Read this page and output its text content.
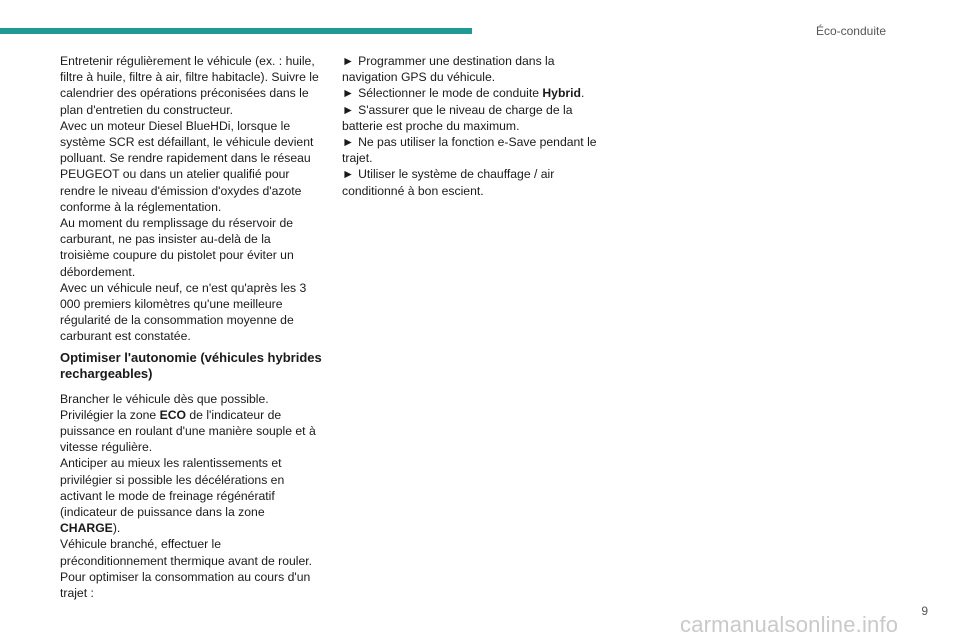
Éco-conduite

Entretenir régulièrement le véhicule (ex. : huile, filtre à huile, filtre à air, filtre habitacle). Suivre le calendrier des opérations préconisées dans le plan d'entretien du constructeur.

Avec un moteur Diesel BlueHDi, lorsque le système SCR est défaillant, le véhicule devient polluant. Se rendre rapidement dans le réseau PEUGEOT ou dans un atelier qualifié pour rendre le niveau d'émission d'oxydes d'azote conforme à la réglementation.

Au moment du remplissage du réservoir de carburant, ne pas insister au-delà de la troisième coupure du pistolet pour éviter un débordement.

Avec un véhicule neuf, ce n'est qu'après les 3 000 premiers kilomètres qu'une meilleure régularité de la consommation moyenne de carburant est constatée.

Optimiser l'autonomie (véhicules hybrides rechargeables)

Brancher le véhicule dès que possible.

Privilégier la zone ECO de l'indicateur de puissance en roulant d'une manière souple et à vitesse régulière.

Anticiper au mieux les ralentissements et privilégier si possible les décélérations en activant le mode de freinage régénératif (indicateur de puissance dans la zone CHARGE).

Véhicule branché, effectuer le préconditionnement thermique avant de rouler.

Pour optimiser la consommation au cours d'un trajet :

► Programmer une destination dans la navigation GPS du véhicule.

► Sélectionner le mode de conduite Hybrid.

► S'assurer que le niveau de charge de la batterie est proche du maximum.

► Ne pas utiliser la fonction e-Save pendant le trajet.

► Utiliser le système de chauffage / air conditionné à bon escient.

9
carmanualsonline.info
